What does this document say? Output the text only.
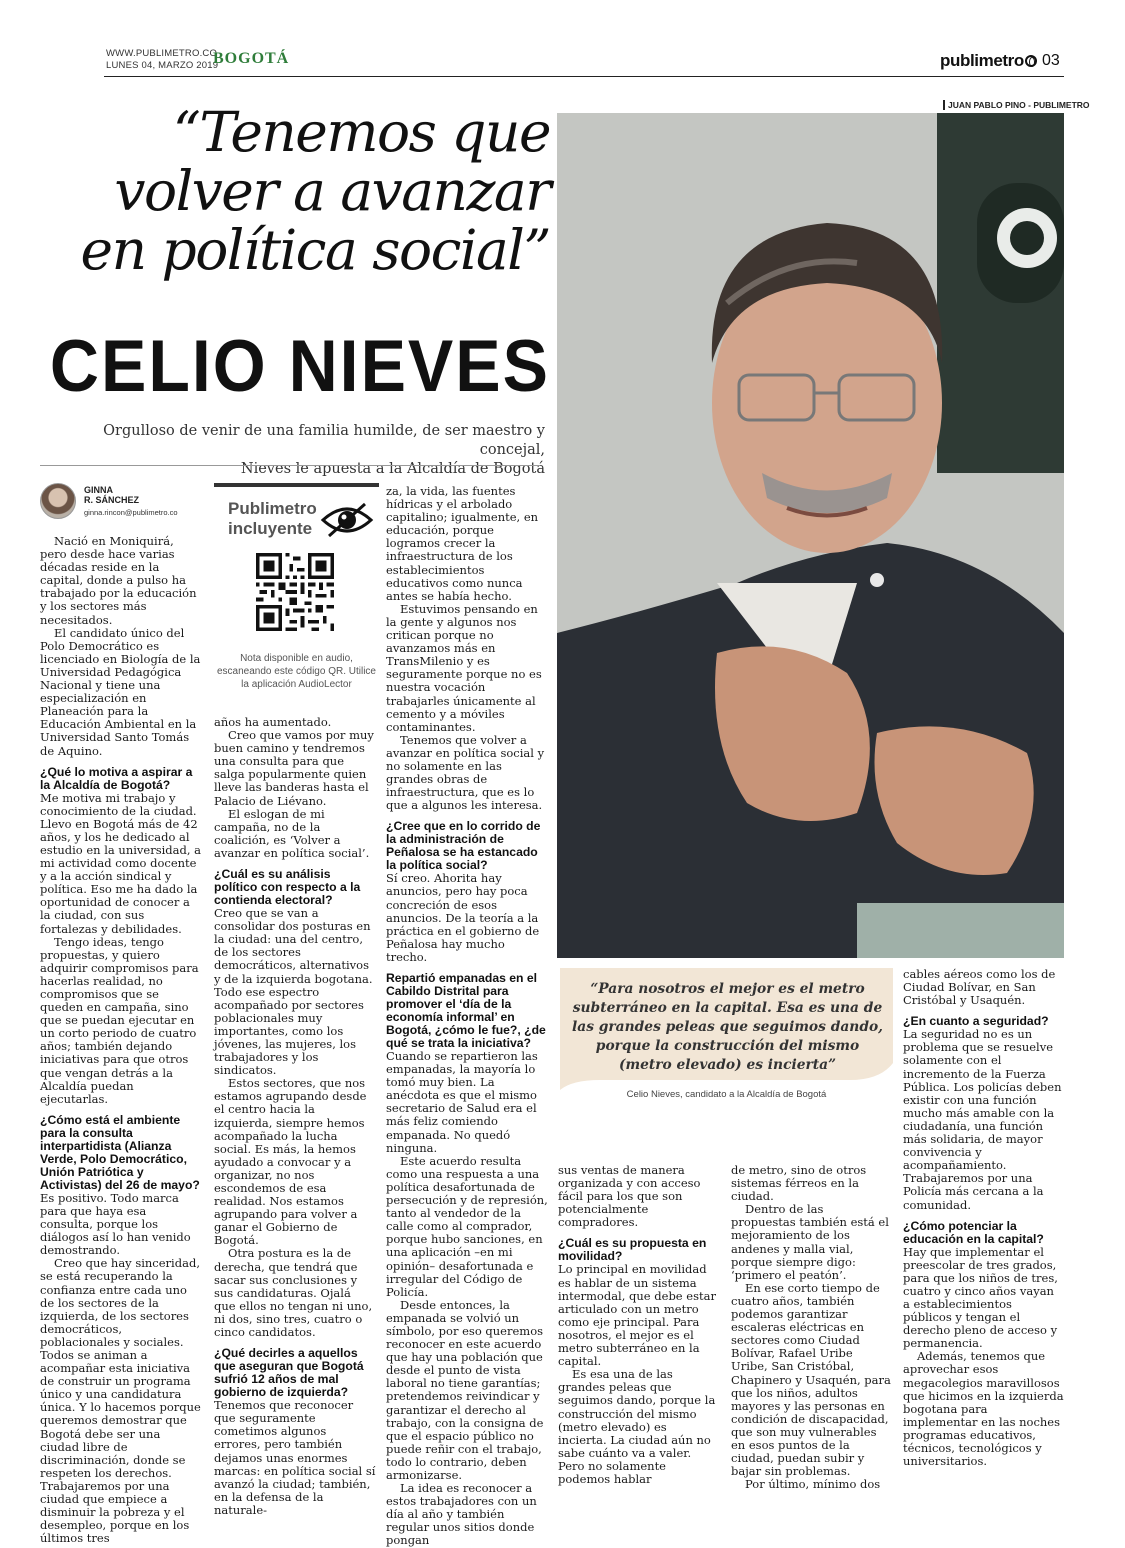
WWW.PUBLIMETRO.CO
LUNES 04, MARZO 2019
BOGOTÁ	publimetro	03
“Tenemos que
volver a avanzar
en política social”
CELIO NIEVES
Orgulloso de venir de una familia humilde, de ser maestro y concejal,
Nieves le apuesta a la Alcaldía de Bogotá
JUAN PABLO PINO - PUBLIMETRO
GINNA
R. SÁNCHEZ
ginna.rincon@publimetro.co	Publimetro
incluyente
Nota disponible en audio, escaneando este código QR. Utilice la aplicación AudioLector

Nació en Moniquirá, pero desde hace varias décadas reside en la capital, donde a pulso ha trabajado por la educación y los sectores más necesitados.

El candidato único del Polo Democrático es licenciado en Biología de la Universidad Pedagógica Nacional y tiene una especialización en Planeación para la Educación Ambiental en la Universidad Santo Tomás de Aquino.

¿Qué lo motiva a aspirar a la Alcaldía de Bogotá?

Me motiva mi trabajo y conocimiento de la ciudad. Llevo en Bogotá más de 42 años, y los he dedicado al estudio en la universidad, a mi actividad como docente y a la acción sindical y política. Eso me ha dado la oportunidad de conocer a la ciudad, con sus fortalezas y debilidades.

Tengo ideas, tengo propuestas, y quiero adquirir compromisos para hacerlas realidad, no compromisos que se queden en campaña, sino que se puedan ejecutar en un corto periodo de cuatro años; también dejando iniciativas para que otros que vengan detrás a la Alcaldía puedan ejecutarlas.

¿Cómo está el ambiente para la consulta interpartidista (Alianza Verde, Polo Democrático, Unión Patriótica y Activistas) del 26 de mayo?

Es positivo. Todo marca para que haya esa consulta, porque los diálogos así lo han venido demostrando.

Creo que hay sinceridad, se está recuperando la confianza entre cada uno de los sectores de la izquierda, de los sectores democráticos, poblacionales y sociales. Todos se animan a acompañar esta iniciativa de construir un programa único y una candidatura única. Y lo hacemos porque queremos demostrar que Bogotá debe ser una ciudad libre de discriminación, donde se respeten los derechos. Trabajaremos por una ciudad que empiece a disminuir la pobreza y el desempleo, porque en los últimos tres

años ha aumentado.

Creo que vamos por muy buen camino y tendremos una consulta para que salga popularmente quien lleve las banderas hasta el Palacio de Liévano.

El eslogan de mi campaña, no de la coalición, es ‘Volver a avanzar en política social’.

¿Cuál es su análisis político con respecto a la contienda electoral?

Creo que se van a consolidar dos posturas en la ciudad: una del centro, de los sectores democráticos, alternativos y de la izquierda bogotana. Todo ese espectro acompañado por sectores poblacionales muy importantes, como los jóvenes, las mujeres, los trabajadores y los sindicatos.

Estos sectores, que nos estamos agrupando desde el centro hacia la izquierda, siempre hemos acompañado la lucha social. Es más, la hemos ayudado a convocar y a organizar, no nos escondemos de esa realidad. Nos estamos agrupando para volver a ganar el Gobierno de Bogotá.

Otra postura es la de derecha, que tendrá que sacar sus conclusiones y sus candidaturas. Ojalá que ellos no tengan ni uno, ni dos, sino tres, cuatro o cinco candidatos.

¿Qué decirles a aquellos que aseguran que Bogotá sufrió 12 años de mal gobierno de izquierda?

Tenemos que reconocer que seguramente cometimos algunos errores, pero también dejamos unas enormes marcas: en política social sí avanzó la ciudad; también, en la defensa de la naturale-

za, la vida, las fuentes hídricas y el arbolado capitalino; igualmente, en educación, porque logramos crecer la infraestructura de los establecimientos educativos como nunca antes se había hecho.

Estuvimos pensando en la gente y algunos nos critican porque no avanzamos más en TransMilenio y es seguramente porque no es nuestra vocación trabajarles únicamente al cemento y a móviles contaminantes.

Tenemos que volver a avanzar en política social y no solamente en las grandes obras de infraestructura, que es lo que a algunos les interesa.

¿Cree que en lo corrido de la administración de Peñalosa se ha estancado la política social?

Sí creo. Ahorita hay anuncios, pero hay poca concreción de esos anuncios. De la teoría a la práctica en el gobierno de Peñalosa hay mucho trecho.

Repartió empanadas en el Cabildo Distrital para promover el ‘día de la economía informal’ en Bogotá, ¿cómo le fue?, ¿de qué se trata la iniciativa?

Cuando se repartieron las empanadas, la mayoría lo tomó muy bien. La anécdota es que el mismo secretario de Salud era el más feliz comiendo empanada. No quedó ninguna.

Este acuerdo resulta como una respuesta a una política desafortunada de persecución y de represión, tanto al vendedor de la calle como al comprador, porque hubo sanciones, en una aplicación –en mi opinión– desafortunada e irregular del Código de Policía.

Desde entonces, la empanada se volvió un símbolo, por eso queremos reconocer en este acuerdo que hay una población que desde el punto de vista laboral no tiene garantías; pretendemos reivindicar y garantizar el derecho al trabajo, con la consigna de que el espacio público no puede reñir con el trabajo, todo lo contrario, deben armonizarse.

La idea es reconocer a estos trabajadores con un día al año y también regular unos sitios donde pongan

“Para nosotros el mejor es el metro subterráneo en la capital. Esa es una de las grandes peleas que seguimos dando, porque la construcción del mismo (metro elevado) es incierta”
Celio Nieves, candidato a la Alcaldía de Bogotá

sus ventas de manera organizada y con acceso fácil para los que son potencialmente compradores.

¿Cuál es su propuesta en movilidad?

Lo principal en movilidad es hablar de un sistema intermodal, que debe estar articulado con un metro como eje principal. Para nosotros, el mejor es el metro subterráneo en la capital.

Es esa una de las grandes peleas que seguimos dando, porque la construcción del mismo (metro elevado) es incierta. La ciudad aún no sabe cuánto va a valer. Pero no solamente podemos hablar

de metro, sino de otros sistemas férreos en la ciudad.

Dentro de las propuestas también está el mejoramiento de los andenes y malla vial, porque siempre digo: ‘primero el peatón’.

En ese corto tiempo de cuatro años, también podemos garantizar escaleras eléctricas en sectores como Ciudad Bolívar, Rafael Uribe Uribe, San Cristóbal, Chapinero y Usaquén, para que los niños, adultos mayores y las personas en condición de discapacidad, que son muy vulnerables en esos puntos de la ciudad, puedan subir y bajar sin problemas.

Por último, mínimo dos

cables aéreos como los de Ciudad Bolívar, en San Cristóbal y Usaquén.

¿En cuanto a seguridad?

La seguridad no es un problema que se resuelve solamente con el incremento de la Fuerza Pública. Los policías deben existir con una función mucho más amable con la ciudadanía, una función más solidaria, de mayor convivencia y acompañamiento. Trabajaremos por una Policía más cercana a la comunidad.

¿Cómo potenciar la educación en la capital?

Hay que implementar el preescolar de tres grados, para que los niños de tres, cuatro y cinco años vayan a establecimientos públicos y tengan el derecho pleno de acceso y permanencia.

Además, tenemos que aprovechar esos megacolegios maravillosos que hicimos en la izquierda bogotana para implementar en las noches programas educativos, técnicos, tecnológicos y universitarios.
